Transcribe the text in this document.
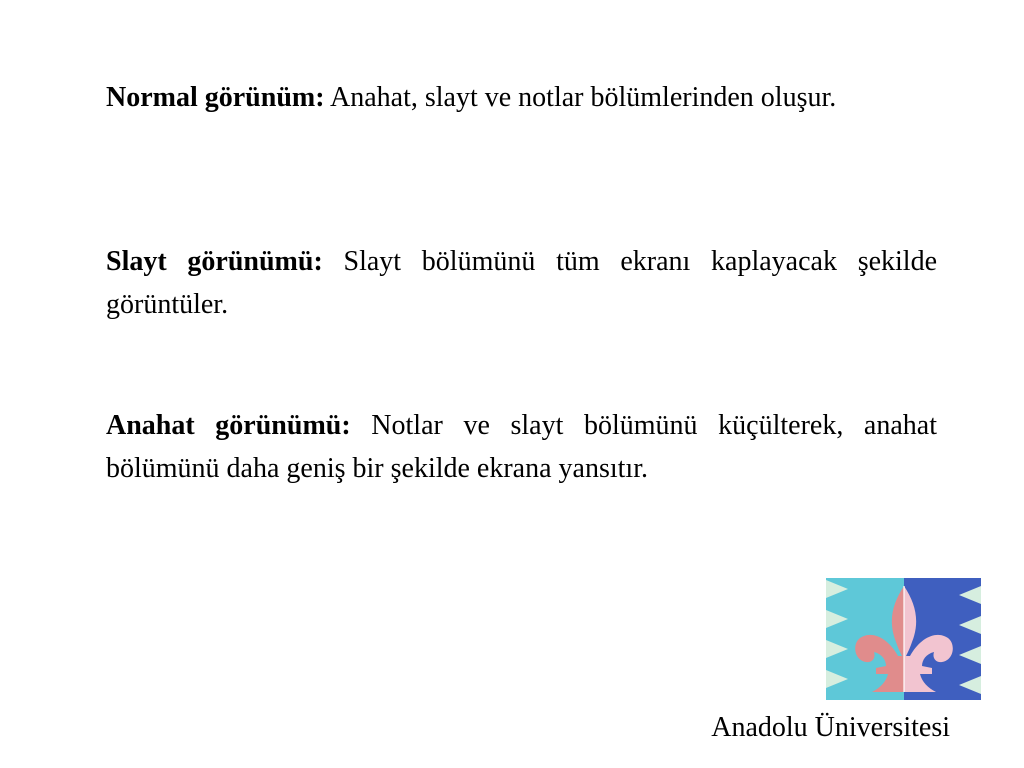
Normal görünüm: Anahat, slayt ve notlar bölümlerinden oluşur.

Slayt görünümü: Slayt bölümünü tüm ekranı kaplayacak şekilde görüntüler.

Anahat görünümü: Notlar ve slayt bölümünü küçülterek, anahat bölümünü daha geniş bir şekilde ekrana yansıtır.

Anadolu Üniversitesi
